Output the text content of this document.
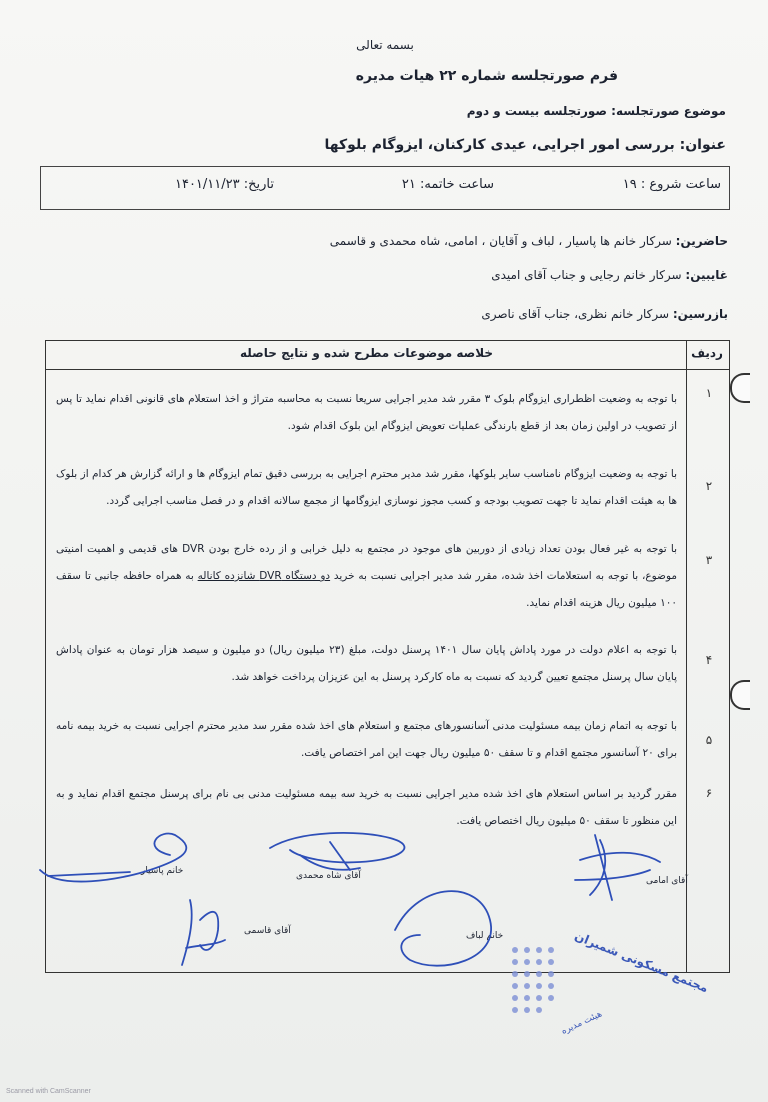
بسمه تعالی
فرم صورتجلسه شماره ۲۲ هیات مدیره
موضوع صورتجلسه: صورتجلسه بیست و دوم
عنوان: بررسی امور اجرایی، عیدی کارکنان، ایزوگام بلوکها
ساعت شروع : ۱۹
ساعت خاتمه: ۲۱
تاریخ: ۱۴۰۱/۱۱/۲۳
حاضرین: سرکار خانم ها پاسیار ، لباف و آقایان ، امامی، شاه محمدی و قاسمی
غایبین: سرکار خانم رجایی و جناب آقای امیدی
بازرسین: سرکار خانم نظری، جناب آقای ناصری
ردیف
خلاصه موضوعات مطرح شده و نتایج حاصله
۱
با توجه به وضعیت اظطراری ایزوگام بلوک ۳ مقرر شد مدیر اجرایی سریعا نسبت به محاسبه متراژ و اخذ استعلام های قانونی اقدام نماید تا پس از تصویب در اولین زمان بعد از قطع بارندگی عملیات تعویض ایزوگام این بلوک اقدام شود.
۲
با توجه به وضعیت ایزوگام نامناسب سایر بلوکها، مقرر شد مدیر محترم اجرایی به بررسی دقیق تمام ایزوگام ها و ارائه گزارش هر کدام از بلوک ها به هیئت اقدام نماید تا جهت تصویب بودجه و کسب مجوز نوسازی ایزوگامها از مجمع سالانه اقدام و در فصل مناسب اجرایی گردد.
۳
با توجه به غیر فعال بودن تعداد زیادی از دوربین های موجود در مجتمع به دلیل خرابی و از رده خارج بودن DVR های قدیمی و اهمیت امنیتی موضوع، با توجه به استعلامات اخذ شده، مقرر شد مدیر اجرایی نسبت به خرید دو دستگاه DVR شانزده کاناله به همراه حافظه جانبی تا سقف ۱۰۰ میلیون ریال هزینه اقدام نماید.
۴
با توجه به اعلام دولت در مورد پاداش پایان سال ۱۴۰۱ پرسنل دولت، مبلغ (۲۳ میلیون ریال) دو میلیون و سیصد هزار تومان به عنوان پاداش پایان سال پرسنل مجتمع تعیین گردید که نسبت به ماه کارکرد پرسنل به این عزیزان پرداخت خواهد شد.
۵
با توجه به اتمام زمان بیمه مسئولیت مدنی آسانسورهای مجتمع و استعلام های اخذ شده مقرر سد مدیر محترم اجرایی نسبت به خرید بیمه نامه برای ۲۰ آسانسور مجتمع اقدام و تا سقف ۵۰ میلیون ریال جهت این امر اختصاص یافت.
۶
مقرر گردید بر اساس استعلام های اخذ شده مدیر اجرایی نسبت به خرید سه بیمه مسئولیت مدنی بی نام برای پرسنل مجتمع اقدام نماید و به این منظور تا سقف ۵۰ میلیون ریال اختصاص یافت.
خانم پاسیار	آقای شاه محمدی	آقای امامی
آقای قاسمی	خانم لباف	مجتمع مسکونی شمیران
هیئت مدیره
Scanned with CamScanner
